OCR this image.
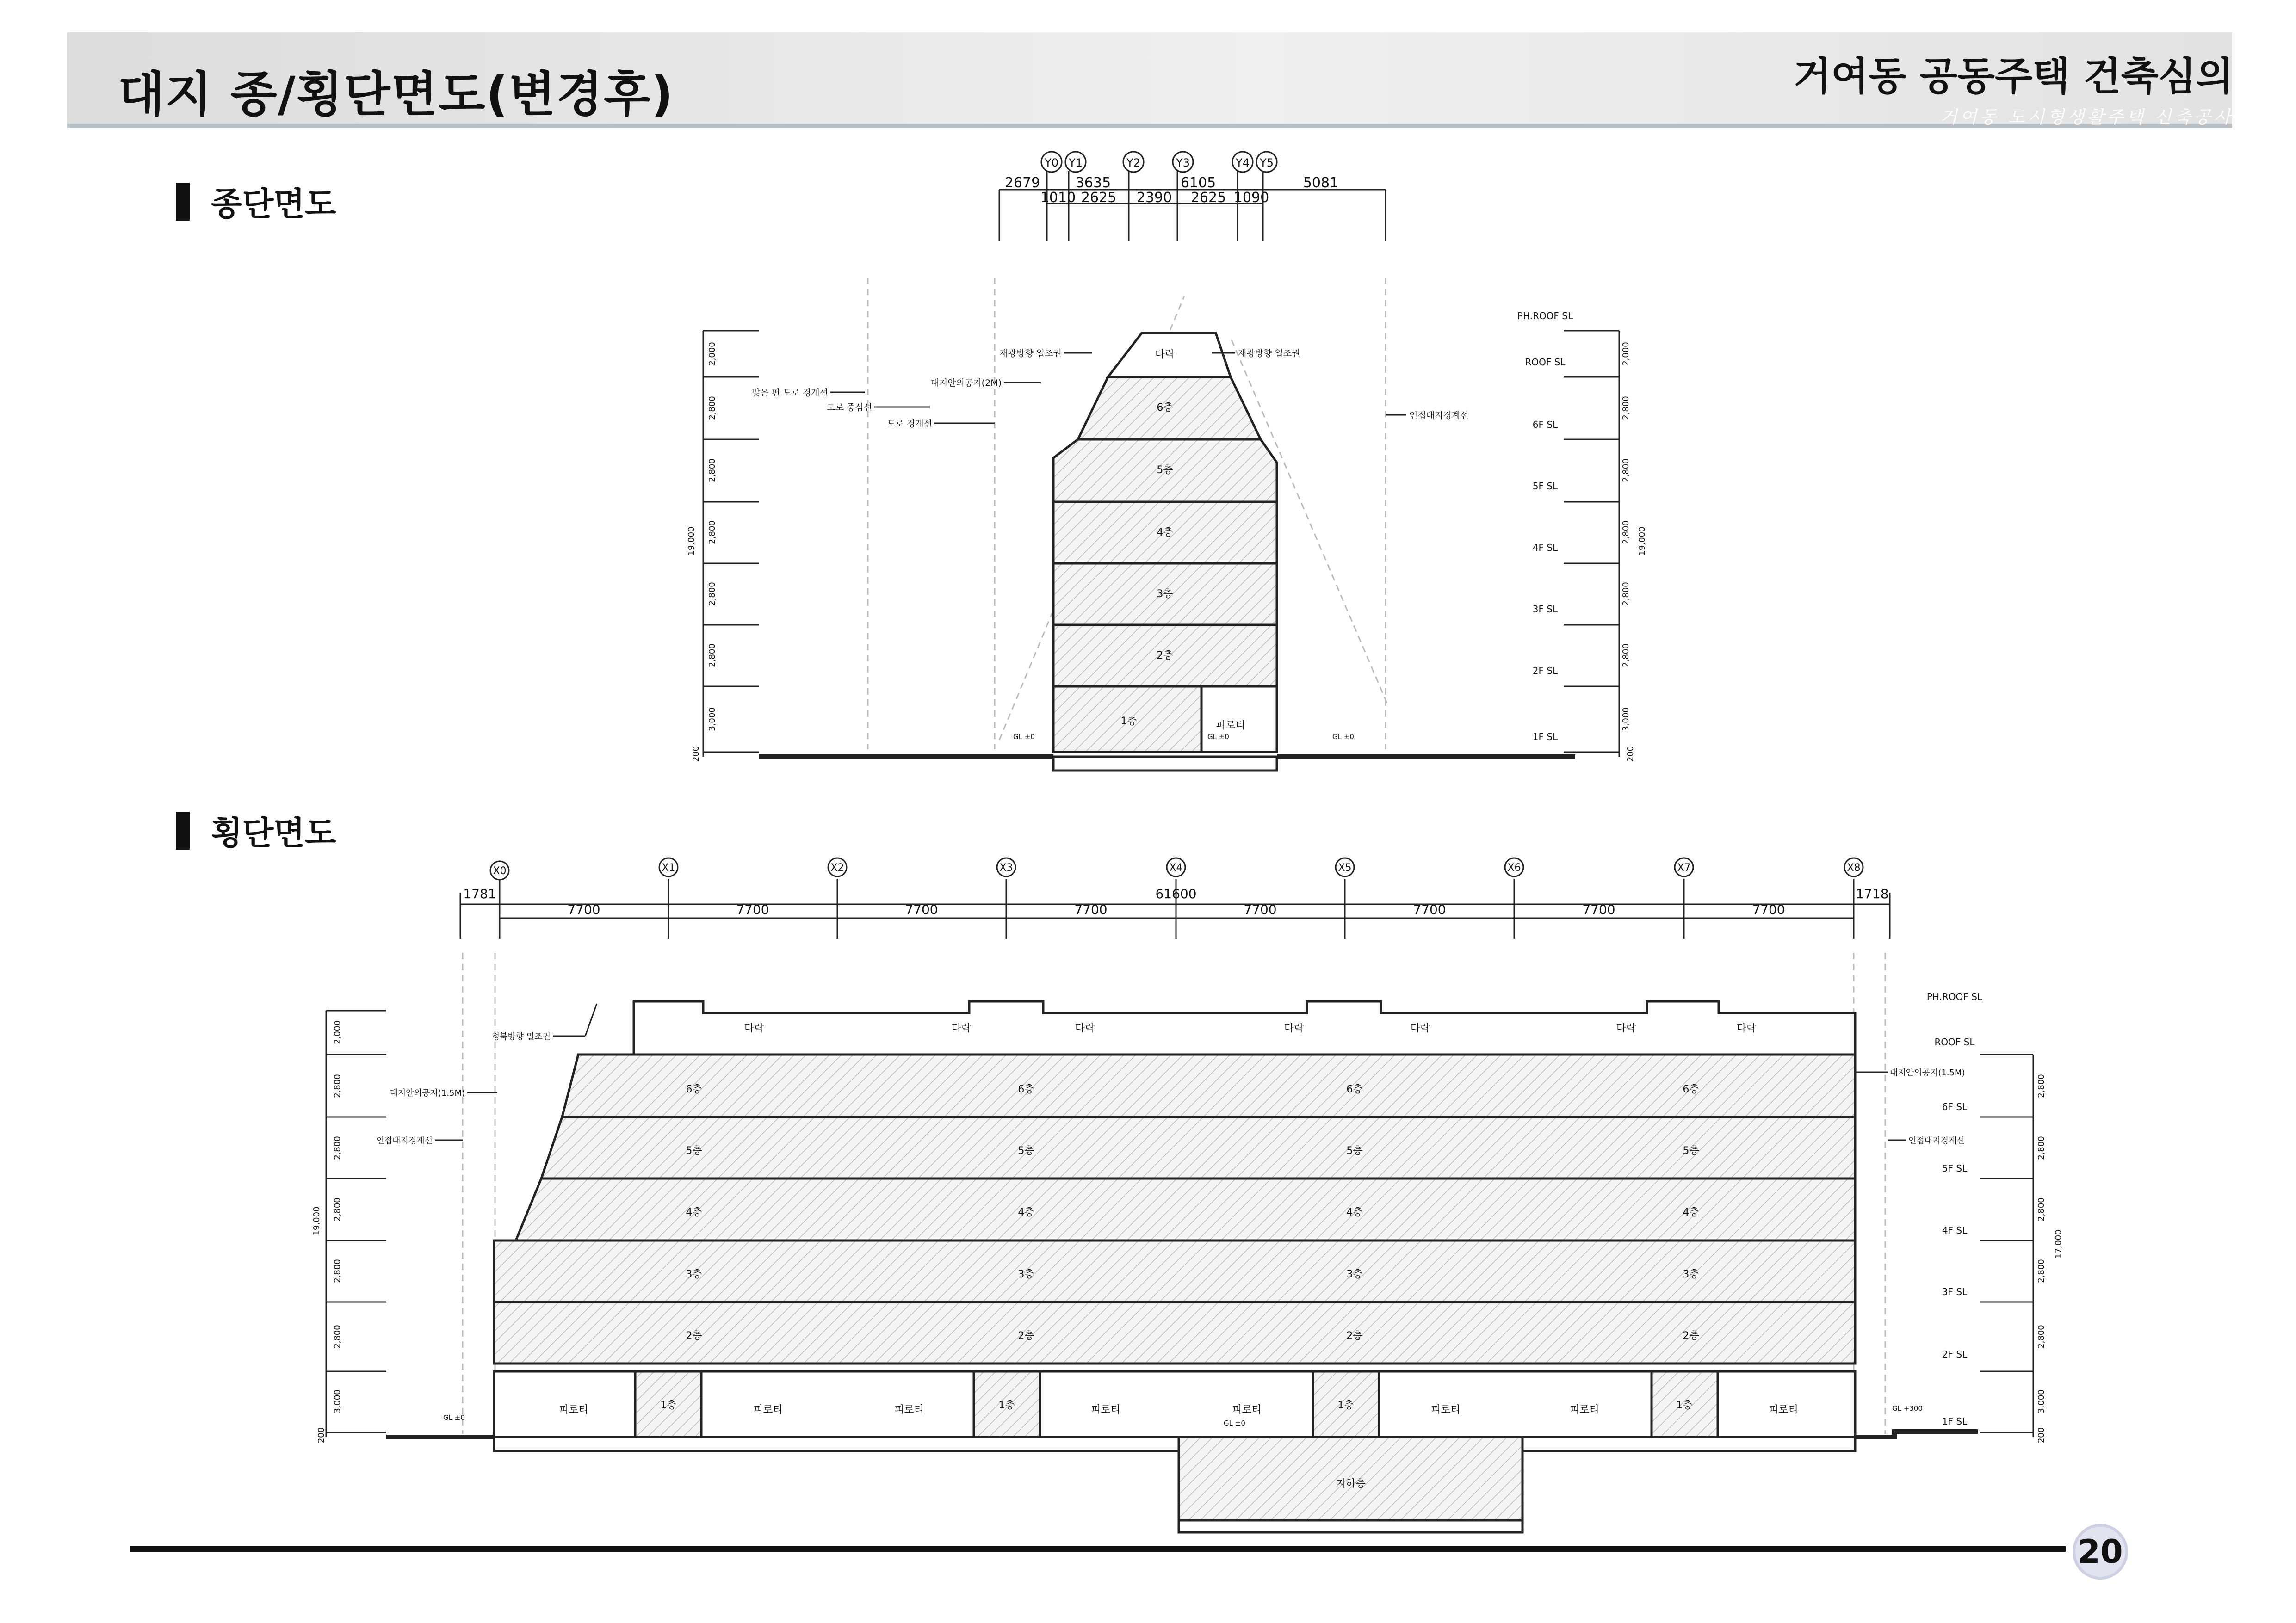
대지 종/횡단면도(변경후)	거여동 공동주택 건축심의
거여동 도시형생활주택 신축공사
종단면도
횡단면도
Y0 Y1	Y2	Y3	Y4 Y5
2679	3635	6105	5081
1010 2625 2390 2625 1090
다락
6층
5층
4층
3층
2층
1층	피로티
재광방향 일조권
대지안의공지(2M)
맞은 편 도로 경계선
도로 중심선
도로 경계선
재광방향 일조권
인접대지경계선
PH.ROOF SL
ROOF SL
6F SL
5F SL
4F SL
3F SL
2F SL
1F SL
2,000
2,800
2,800
2,800
2,800
2,800
3,000
200
19,000
2,000
2,800
2,800
2,800
2,800
2,800
3,000
200
19,000
GL ±0	GL ±0	GL ±0
X0	X1	X2	X3	X4	X5	X6	X7	X8
1781	61600	1718
7700	7700	7700	7700	7700	7700	7700	7700
다락	다락	다락	다락	다락	다락	다락
6층	6층	6층	6층
5층	5층	5층	5층
4층	4층	4층	4층
3층	3층	3층	3층
2층	2층	2층	2층
피로티	1층	피로티	피로티	1층	피로티	피로티	1층	피로티	피로티	1층	피로티
지하층
정북방향 일조권
대지안의공지(1.5M)
인접대지경계선
대지안의공지(1.5M)
인접대지경계선
PH.ROOF SL
ROOF SL
6F SL
5F SL
4F SL
3F SL
2F SL
1F SL
2,000
2,800
2,800
2,800
2,800
2,800
3,000
200
19,000
2,800
2,800
2,800
2,800
2,800
3,000
200
17,000
GL ±0
GL ±0
GL +300
20
